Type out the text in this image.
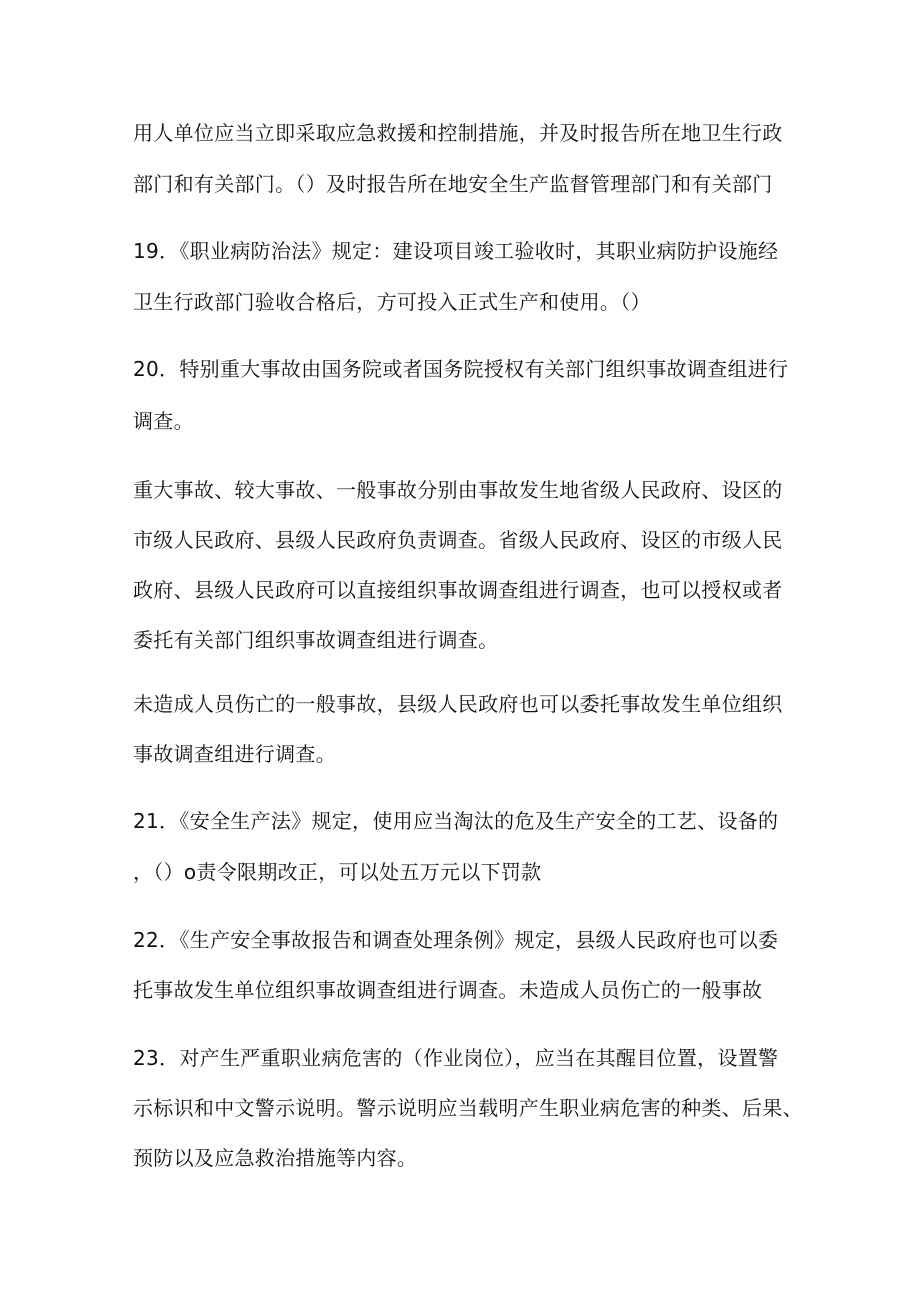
用人单位应当立即采取应急救援和控制措施，并及时报告所在地卫生行政
部门和有关部门。（）及时报告所在地安全生产监督管理部门和有关部门
19．《职业病防治法》规定：建设项目竣工验收时，其职业病防护设施经
卫生行政部门验收合格后，方可投入正式生产和使用。（）
20．特别重大事故由国务院或者国务院授权有关部门组织事故调查组进行
调查。
重大事故、较大事故、一般事故分别由事故发生地省级人民政府、设区的
市级人民政府、县级人民政府负责调查。省级人民政府、设区的市级人民
政府、县级人民政府可以直接组织事故调查组进行调查，也可以授权或者
委托有关部门组织事故调查组进行调查。
未造成人员伤亡的一般事故，县级人民政府也可以委托事故发生单位组织
事故调查组进行调查。
21．《安全生产法》规定，使用应当淘汰的危及生产安全的工艺、设备的
，（）o责令限期改正，可以处五万元以下罚款
22．《生产安全事故报告和调查处理条例》规定，县级人民政府也可以委
托事故发生单位组织事故调查组进行调查。未造成人员伤亡的一般事故
23．对产生严重职业病危害的（作业岗位），应当在其醒目位置，设置警
示标识和中文警示说明。警示说明应当载明产生职业病危害的种类、后果、
预防以及应急救治措施等内容。
